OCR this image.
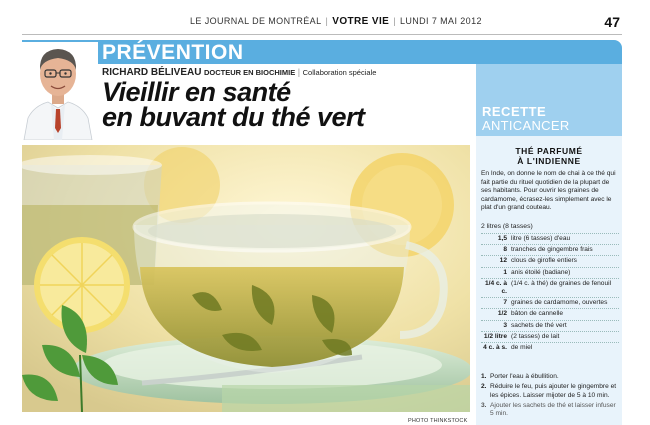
LE JOURNAL DE MONTRÉAL | VOTRE VIE | LUNDI 7 MAI 2012	47
PRÉVENTION
RICHARD BÉLIVEAU DOCTEUR EN BIOCHIMIE | Collaboration spéciale
Vieillir en santé
en buvant du thé vert
PHOTO THINKSTOCK
RECETTE
ANTICANCER
THÉ PARFUMÉ
À L'INDIENNE
En Inde, on donne le nom de chai à ce thé qui fait partie du rituel quotidien de la plupart de ses habitants. Pour ouvrir les graines de cardamome, écrasez-les simplement avec le plat d'un grand couteau.
2 litres (8 tasses)
1,5 litre (6 tasses) d'eau
8 tranches de gingembre frais
12 clous de girofle entiers
1 anis étoilé (badiane)
1/4 c. à c.
(1/4 c. à thé) de graines de fenouil
7 graines de cardamome, ouvertes
1/2 bâton de cannelle
3 sachets de thé vert
1/2 litre (2 tasses) de lait
4 c. à s. de miel
1. Porter l'eau à ébullition.
2. Réduire le feu, puis ajouter le gingembre et les épices. Laisser mijoter de 5 à 10 min.
3. Ajouter les sachets de thé et laisser infuser 5 min.
